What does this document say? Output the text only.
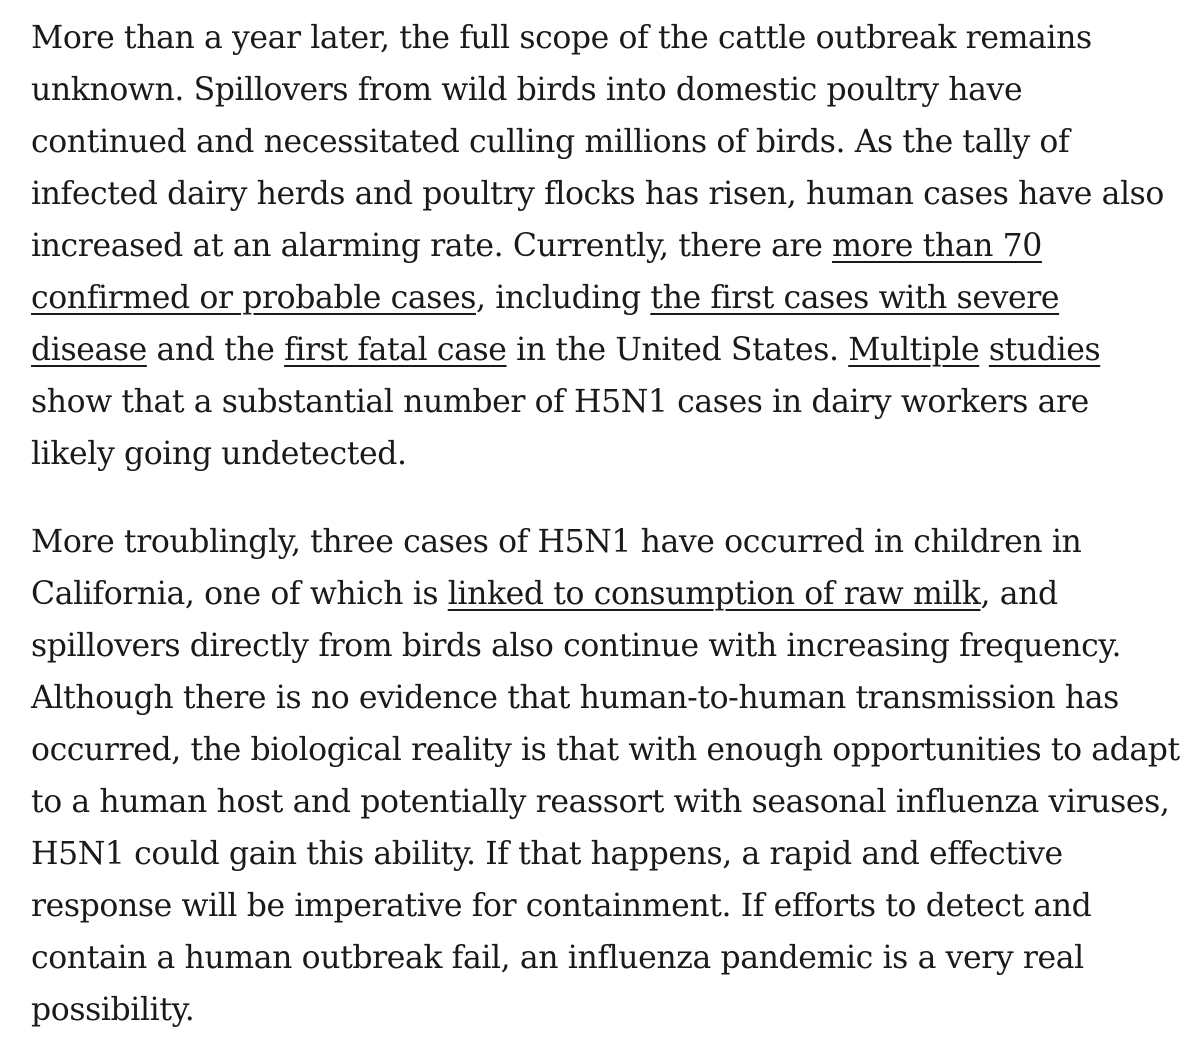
More than a year later, the full scope of the cattle outbreak remains unknown. Spillovers from wild birds into domestic poultry have continued and necessitated culling millions of birds. As the tally of infected dairy herds and poultry flocks has risen, human cases have also increased at an alarming rate. Currently, there are more than 70 confirmed or probable cases, including the first cases with severe disease and the first fatal case in the United States. Multiple studies show that a substantial number of H5N1 cases in dairy workers are likely going undetected.

More troublingly, three cases of H5N1 have occurred in children in California, one of which is linked to consumption of raw milk, and spillovers directly from birds also continue with increasing frequency. Although there is no evidence that human-to-human transmission has occurred, the biological reality is that with enough opportunities to adapt to a human host and potentially reassort with seasonal influenza viruses, H5N1 could gain this ability. If that happens, a rapid and effective response will be imperative for containment. If efforts to detect and contain a human outbreak fail, an influenza pandemic is a very real possibility.
